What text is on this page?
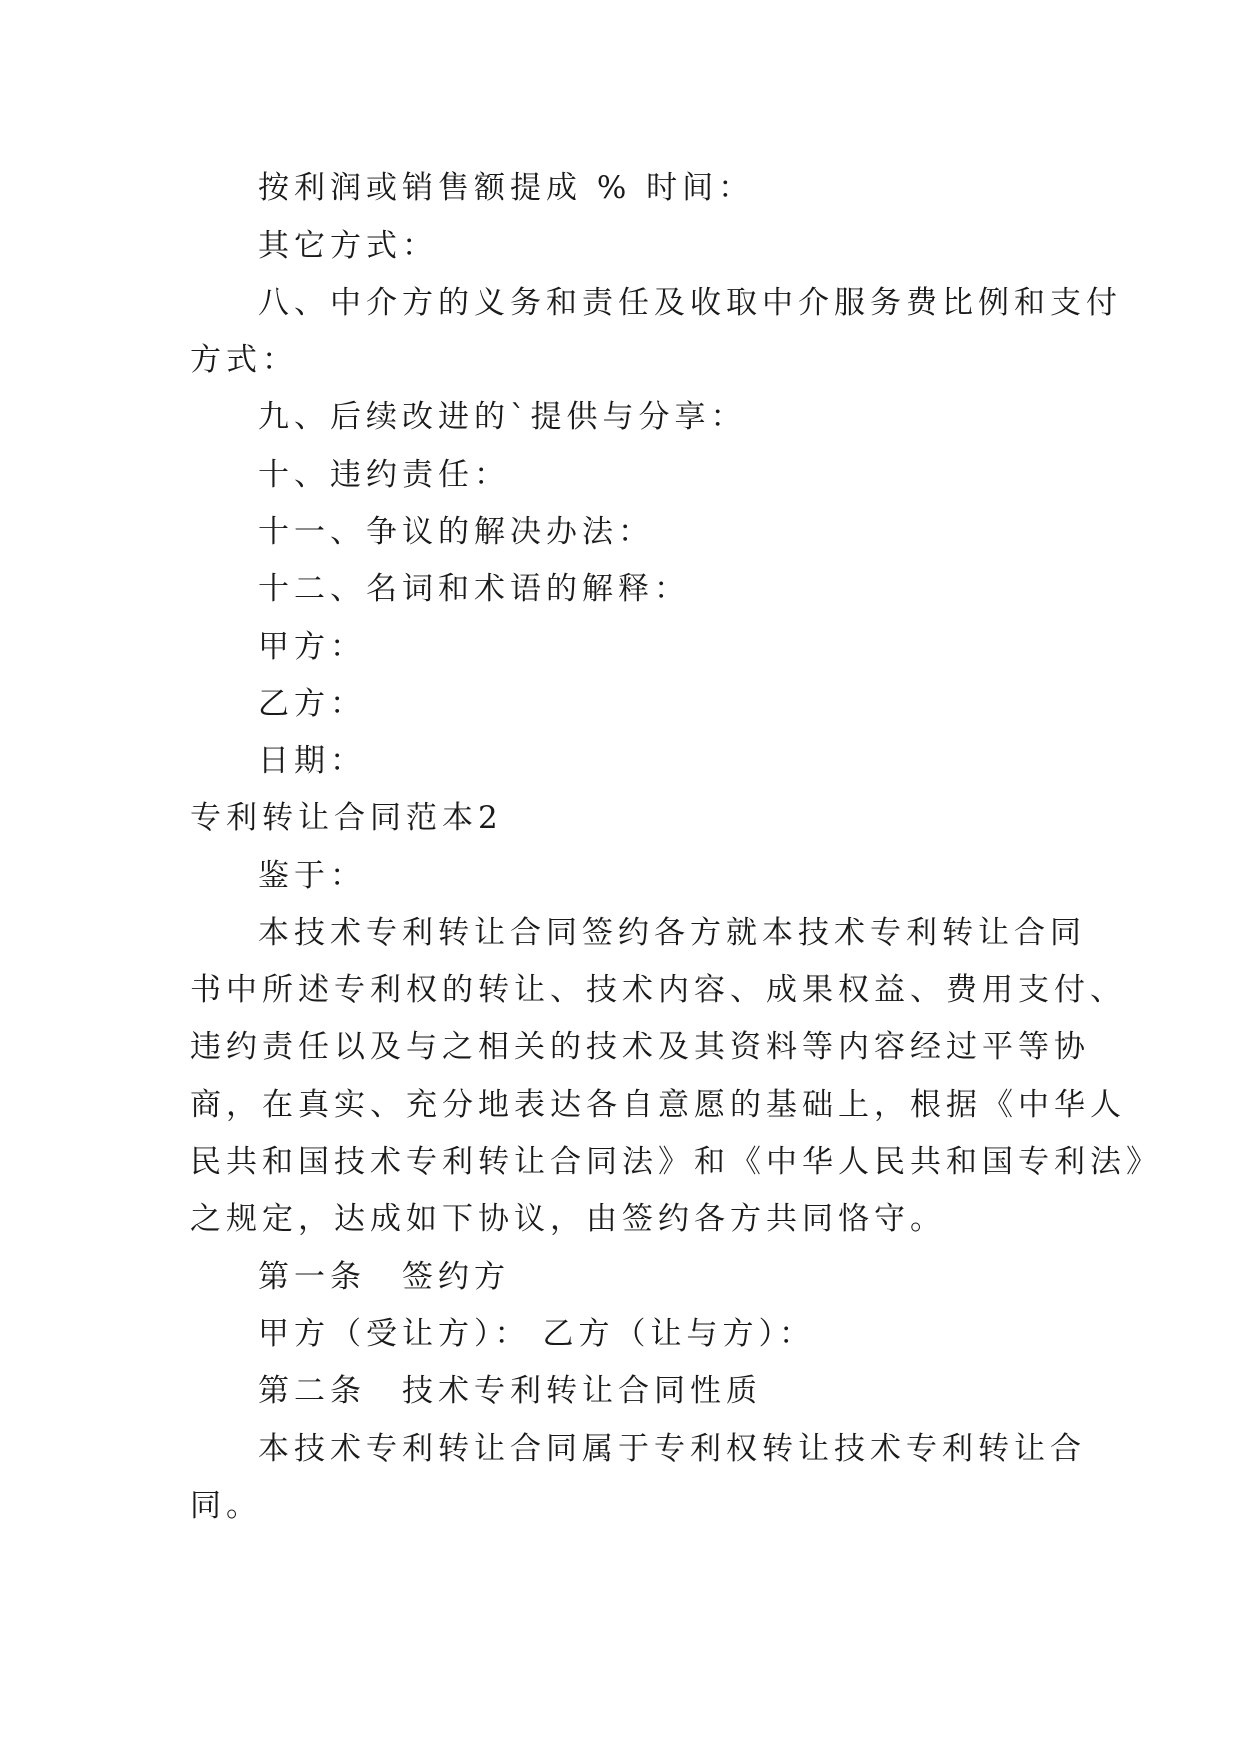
按利润或销售额提成 % 时间：
其它方式：
八、中介方的义务和责任及收取中介服务费比例和支付
方式：
九、后续改进的`提供与分享：
十、违约责任：
十一、争议的解决办法：
十二、名词和术语的解释：
甲方：
乙方：
日期：
专利转让合同范本2
鉴于：
本技术专利转让合同签约各方就本技术专利转让合同
书中所述专利权的转让、技术内容、成果权益、费用支付、
违约责任以及与之相关的技术及其资料等内容经过平等协
商，在真实、充分地表达各自意愿的基础上，根据《中华人
民共和国技术专利转让合同法》和《中华人民共和国专利法》
之规定，达成如下协议，由签约各方共同恪守。
第一条 签约方
甲方（受让方）： 乙方（让与方）：
第二条 技术专利转让合同性质
本技术专利转让合同属于专利权转让技术专利转让合
同。
